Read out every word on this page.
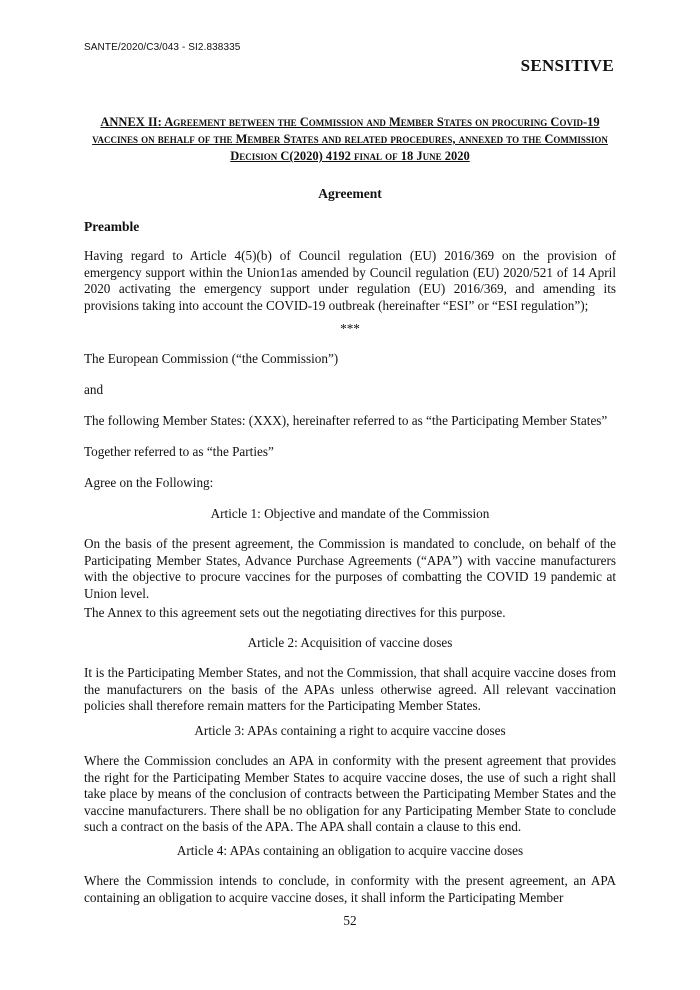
SANTE/2020/C3/043 - SI2.838335
SENSITIVE
ANNEX II: Agreement between the Commission and Member States on procuring Covid-19 vaccines on behalf of the Member States and related procedures, annexed to the Commission Decision C(2020) 4192 final of 18 June 2020
Agreement
Preamble
Having regard to Article 4(5)(b) of Council regulation (EU) 2016/369 on the provision of emergency support within the Union1as amended by Council regulation (EU) 2020/521 of 14 April 2020 activating the emergency support under regulation (EU) 2016/369, and amending its provisions taking into account the COVID-19 outbreak (hereinafter “ESI” or “ESI regulation”);
***
The European Commission (“the Commission”)
and
The following Member States: (XXX), hereinafter referred to as “the Participating Member States”
Together referred to as “the Parties”
Agree on the Following:
Article 1: Objective and mandate of the Commission
On the basis of the present agreement, the Commission is mandated to conclude, on behalf of the Participating Member States, Advance Purchase Agreements (“APA”) with vaccine manufacturers with the objective to procure vaccines for the purposes of combatting the COVID 19 pandemic at Union level.
The Annex to this agreement sets out the negotiating directives for this purpose.
Article 2: Acquisition of vaccine doses
It is the Participating Member States, and not the Commission, that shall acquire vaccine doses from the manufacturers on the basis of the APAs unless otherwise agreed. All relevant vaccination policies shall therefore remain matters for the Participating Member States.
Article 3: APAs containing a right to acquire vaccine doses
Where the Commission concludes an APA in conformity with the present agreement that provides the right for the Participating Member States to acquire vaccine doses, the use of such a right shall take place by means of the conclusion of contracts between the Participating Member States and the vaccine manufacturers. There shall be no obligation for any Participating Member State to conclude such a contract on the basis of the APA. The APA shall contain a clause to this end.
Article 4: APAs containing an obligation to acquire vaccine doses
Where the Commission intends to conclude, in conformity with the present agreement, an APA containing an obligation to acquire vaccine doses, it shall inform the Participating Member
52
